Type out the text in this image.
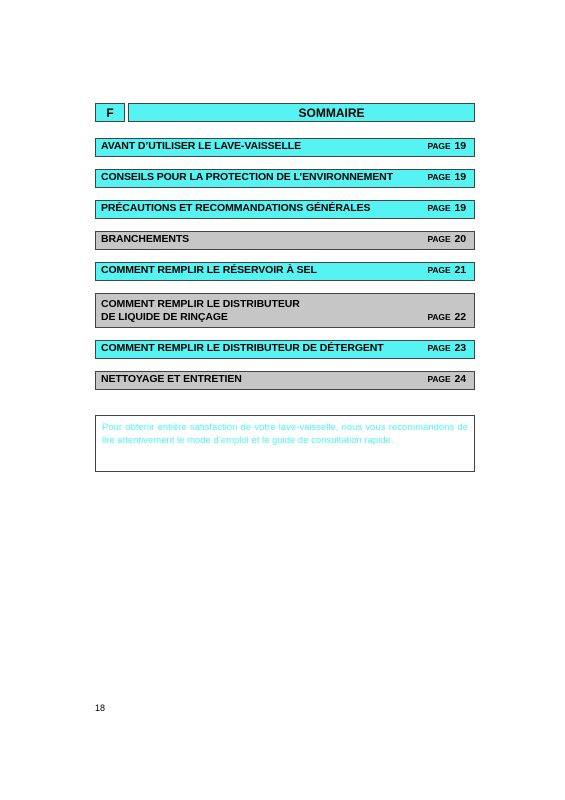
F	SOMMAIRE
AVANT D’UTILISER LE LAVE-VAISSELLE	PAGE 19
CONSEILS POUR LA PROTECTION DE L’ENVIRONNEMENT	PAGE 19
PRÉCAUTIONS ET RECOMMANDATIONS GÉNÉRALES	PAGE 19
BRANCHEMENTS	PAGE 20
COMMENT REMPLIR LE RÉSERVOIR À SEL	PAGE 21
COMMENT REMPLIR LE DISTRIBUTEUR
DE LIQUIDE DE RINÇAGE	PAGE 22
COMMENT REMPLIR LE DISTRIBUTEUR DE DÉTERGENT	PAGE 23
NETTOYAGE ET ENTRETIEN	PAGE 24
Pour obtenir entière satisfaction de votre lave-vaisselle, nous vous recommandons de lire attentivement le mode d’emploi et le guide de consultation rapide.
18
